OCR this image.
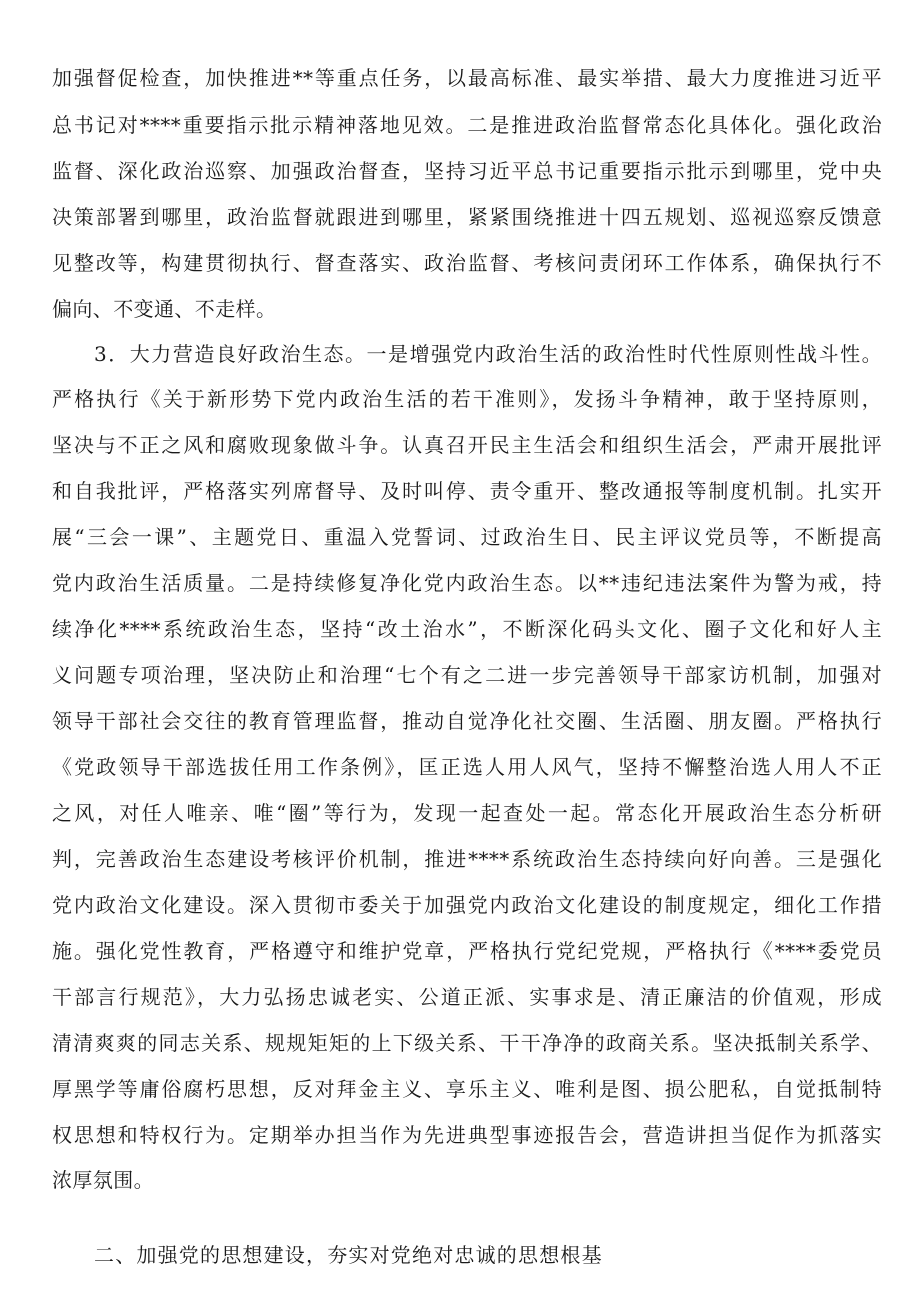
加强督促检查，加快推进**等重点任务，以最高标准、最实举措、最大力度推进习近平
总书记对****重要指示批示精神落地见效。二是推进政治监督常态化具体化。强化政治
监督、深化政治巡察、加强政治督查，坚持习近平总书记重要指示批示到哪里，党中央
决策部署到哪里，政治监督就跟进到哪里，紧紧围绕推进十四五规划、巡视巡察反馈意
见整改等，构建贯彻执行、督查落实、政治监督、考核问责闭环工作体系，确保执行不
偏向、不变通、不走样。
3．大力营造良好政治生态。一是增强党内政治生活的政治性时代性原则性战斗性。
严格执行《关于新形势下党内政治生活的若干准则》，发扬斗争精神，敢于坚持原则，
坚决与不正之风和腐败现象做斗争。认真召开民主生活会和组织生活会，严肃开展批评
和自我批评，严格落实列席督导、及时叫停、责令重开、整改通报等制度机制。扎实开
展“三会一课”、主题党日、重温入党誓词、过政治生日、民主评议党员等，不断提高
党内政治生活质量。二是持续修复净化党内政治生态。以**违纪违法案件为警为戒，持
续净化****系统政治生态，坚持“改土治水”，不断深化码头文化、圈子文化和好人主
义问题专项治理，坚决防止和治理“七个有之二进一步完善领导干部家访机制，加强对
领导干部社会交往的教育管理监督，推动自觉净化社交圈、生活圈、朋友圈。严格执行
《党政领导干部选拔任用工作条例》，匡正选人用人风气，坚持不懈整治选人用人不正
之风，对任人唯亲、唯“圈”等行为，发现一起查处一起。常态化开展政治生态分析研
判，完善政治生态建设考核评价机制，推进****系统政治生态持续向好向善。三是强化
党内政治文化建设。深入贯彻市委关于加强党内政治文化建设的制度规定，细化工作措
施。强化党性教育，严格遵守和维护党章，严格执行党纪党规，严格执行《****委党员
干部言行规范》，大力弘扬忠诚老实、公道正派、实事求是、清正廉洁的价值观，形成
清清爽爽的同志关系、规规矩矩的上下级关系、干干净净的政商关系。坚决抵制关系学、
厚黑学等庸俗腐朽思想，反对拜金主义、享乐主义、唯利是图、损公肥私，自觉抵制特
权思想和特权行为。定期举办担当作为先进典型事迹报告会，营造讲担当促作为抓落实
浓厚氛围。
二、加强党的思想建设，夯实对党绝对忠诚的思想根基
